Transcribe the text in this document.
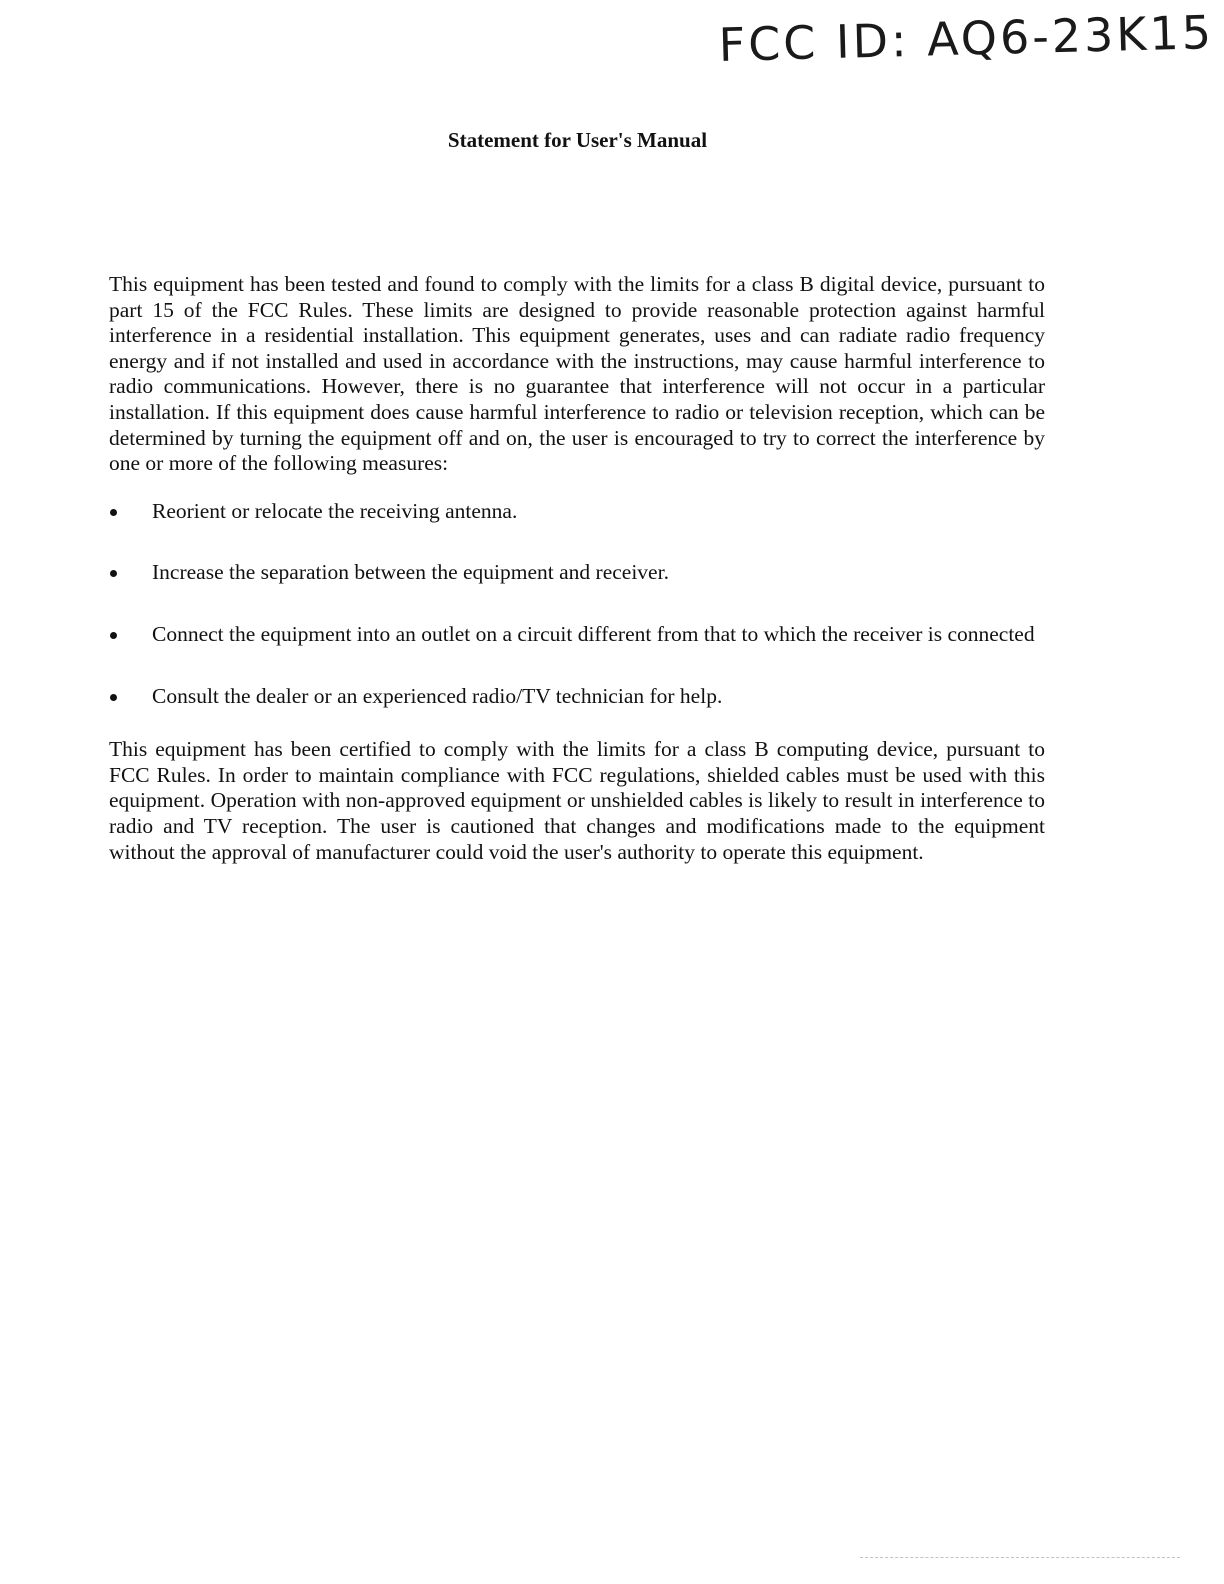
FCC ID: AQ6-23K15
Statement for User's Manual

This equipment has been tested and found to comply with the limits for a class B digital device, pursuant to part 15 of the FCC Rules. These limits are designed to provide reasonable protection against harmful interference in a residential installation. This equipment generates, uses and can radiate radio frequency energy and if not installed and used in accordance with the instructions, may cause harmful interference to radio communications. However, there is no guarantee that interference will not occur in a particular installation. If this equipment does cause harmful interference to radio or television reception, which can be determined by turning the equipment off and on, the user is encouraged to try to correct the interference by one or more of the following measures:

Reorient or relocate the receiving antenna.
Increase the separation between the equipment and receiver.
Connect the equipment into an outlet on a circuit different from that to which the receiver is connected
Consult the dealer or an experienced radio/TV technician for help.

This equipment has been certified to comply with the limits for a class B computing device, pursuant to FCC Rules. In order to maintain compliance with FCC regulations, shielded cables must be used with this equipment. Operation with non-approved equipment or unshielded cables is likely to result in interference to radio and TV reception. The user is cautioned that changes and modifications made to the equipment without the approval of manufacturer could void the user's authority to operate this equipment.
